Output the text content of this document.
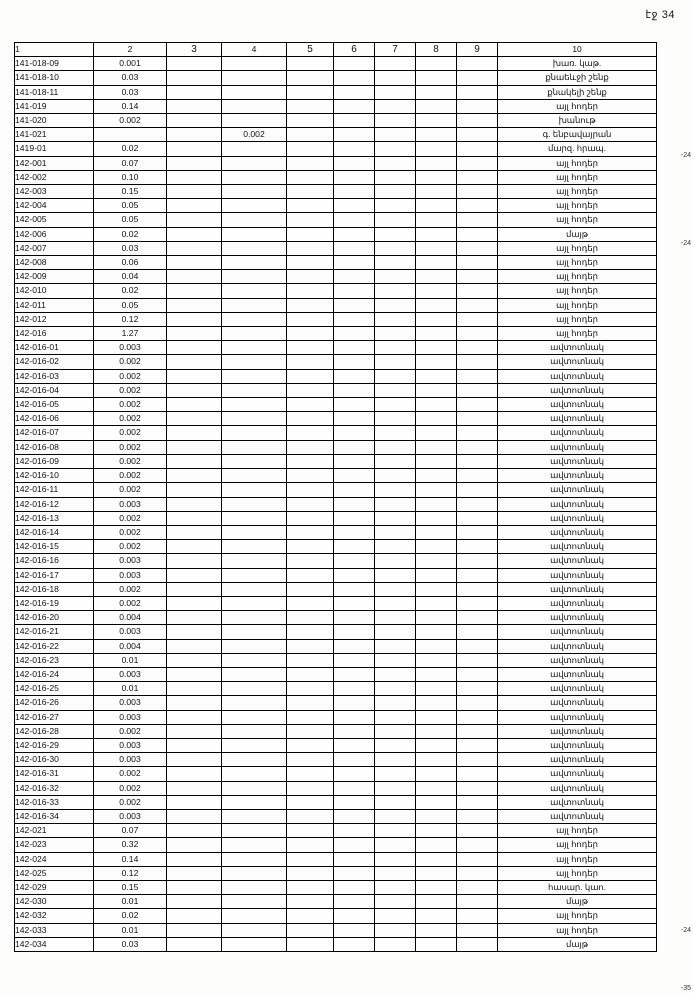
էջ 34
-24
-24
-24
-35
1	2	3	4	5	6	7	8	9	10
141-018-09	0.001								խառ. կաթ.
141-018-10	0.03								քնաեևջի շենք
141-018-11	0.03								քնակելի շենք
141-019	0.14								այլ հոդեր
141-020	0.002								խանութ
141-021			0.002						գ. ենբավայրան
1419-01	0.02								մարզ. հրապ.
142-001	0.07								այլ հոդեր
142-002	0.10								այլ հոդեր
142-003	0.15								այլ հոդեր
142-004	0.05								այլ հոդեր
142-005	0.05								այլ հոդեր
142-006	0.02								մայթ
142-007	0.03								այլ հոդեր
142-008	0.06								այլ հոդեր
142-009	0.04								այլ հոդեր
142-010	0.02								այլ հոդեր
142-011	0.05								այլ հոդեր
142-012	0.12								այլ հոդեր
142-016	1.27								այլ հոդեր
142-016-01	0.003								ավտոտնակ
142-016-02	0.002								ավտոտնակ
142-016-03	0.002								ավտոտնակ
142-016-04	0.002								ավտոտնակ
142-016-05	0.002								ավտոտնակ
142-016-06	0.002								ավտոտնակ
142-016-07	0.002								ավտոտնակ
142-016-08	0.002								ավտոտնակ
142-016-09	0.002								ավտոտնակ
142-016-10	0.002								ավտոտնակ
142-016-11	0.002								ավտոտնակ
142-016-12	0.003								ավտոտնակ
142-016-13	0.002								ավտոտնակ
142-016-14	0.002								ավտոտնակ
142-016-15	0.002								ավտոտնակ
142-016-16	0.003								ավտոտնակ
142-016-17	0.003								ավտոտնակ
142-016-18	0.002								ավտոտնակ
142-016-19	0.002								ավտոտնակ
142-016-20	0.004								ավտոտնակ
142-016-21	0.003								ավտոտնակ
142-016-22	0.004								ավտոտնակ
142-016-23	0.01								ավտոտնակ
142-016-24	0.003								ավտոտնակ
142-016-25	0.01								ավտոտնակ
142-016-26	0.003								ավտոտնակ
142-016-27	0.003								ավտոտնակ
142-016-28	0.002								ավտոտնակ
142-016-29	0.003								ավտոտնակ
142-016-30	0.003								ավտոտնակ
142-016-31	0.002								ավտոտնակ
142-016-32	0.002								ավտոտնակ
142-016-33	0.002								ավտոտնակ
142-016-34	0.003								ավտոտնակ
142-021	0.07								այլ հոդեր
142-023	0.32								այլ հոդեր
142-024	0.14								այլ հոդեր
142-025	0.12								այլ հոդեր
142-029	0.15								հասար. կաո.
142-030	0.01								մայթ
142-032	0.02								այլ հոդեր
142-033	0.01								այլ հոդեր
142-034	0.03								մայթ
